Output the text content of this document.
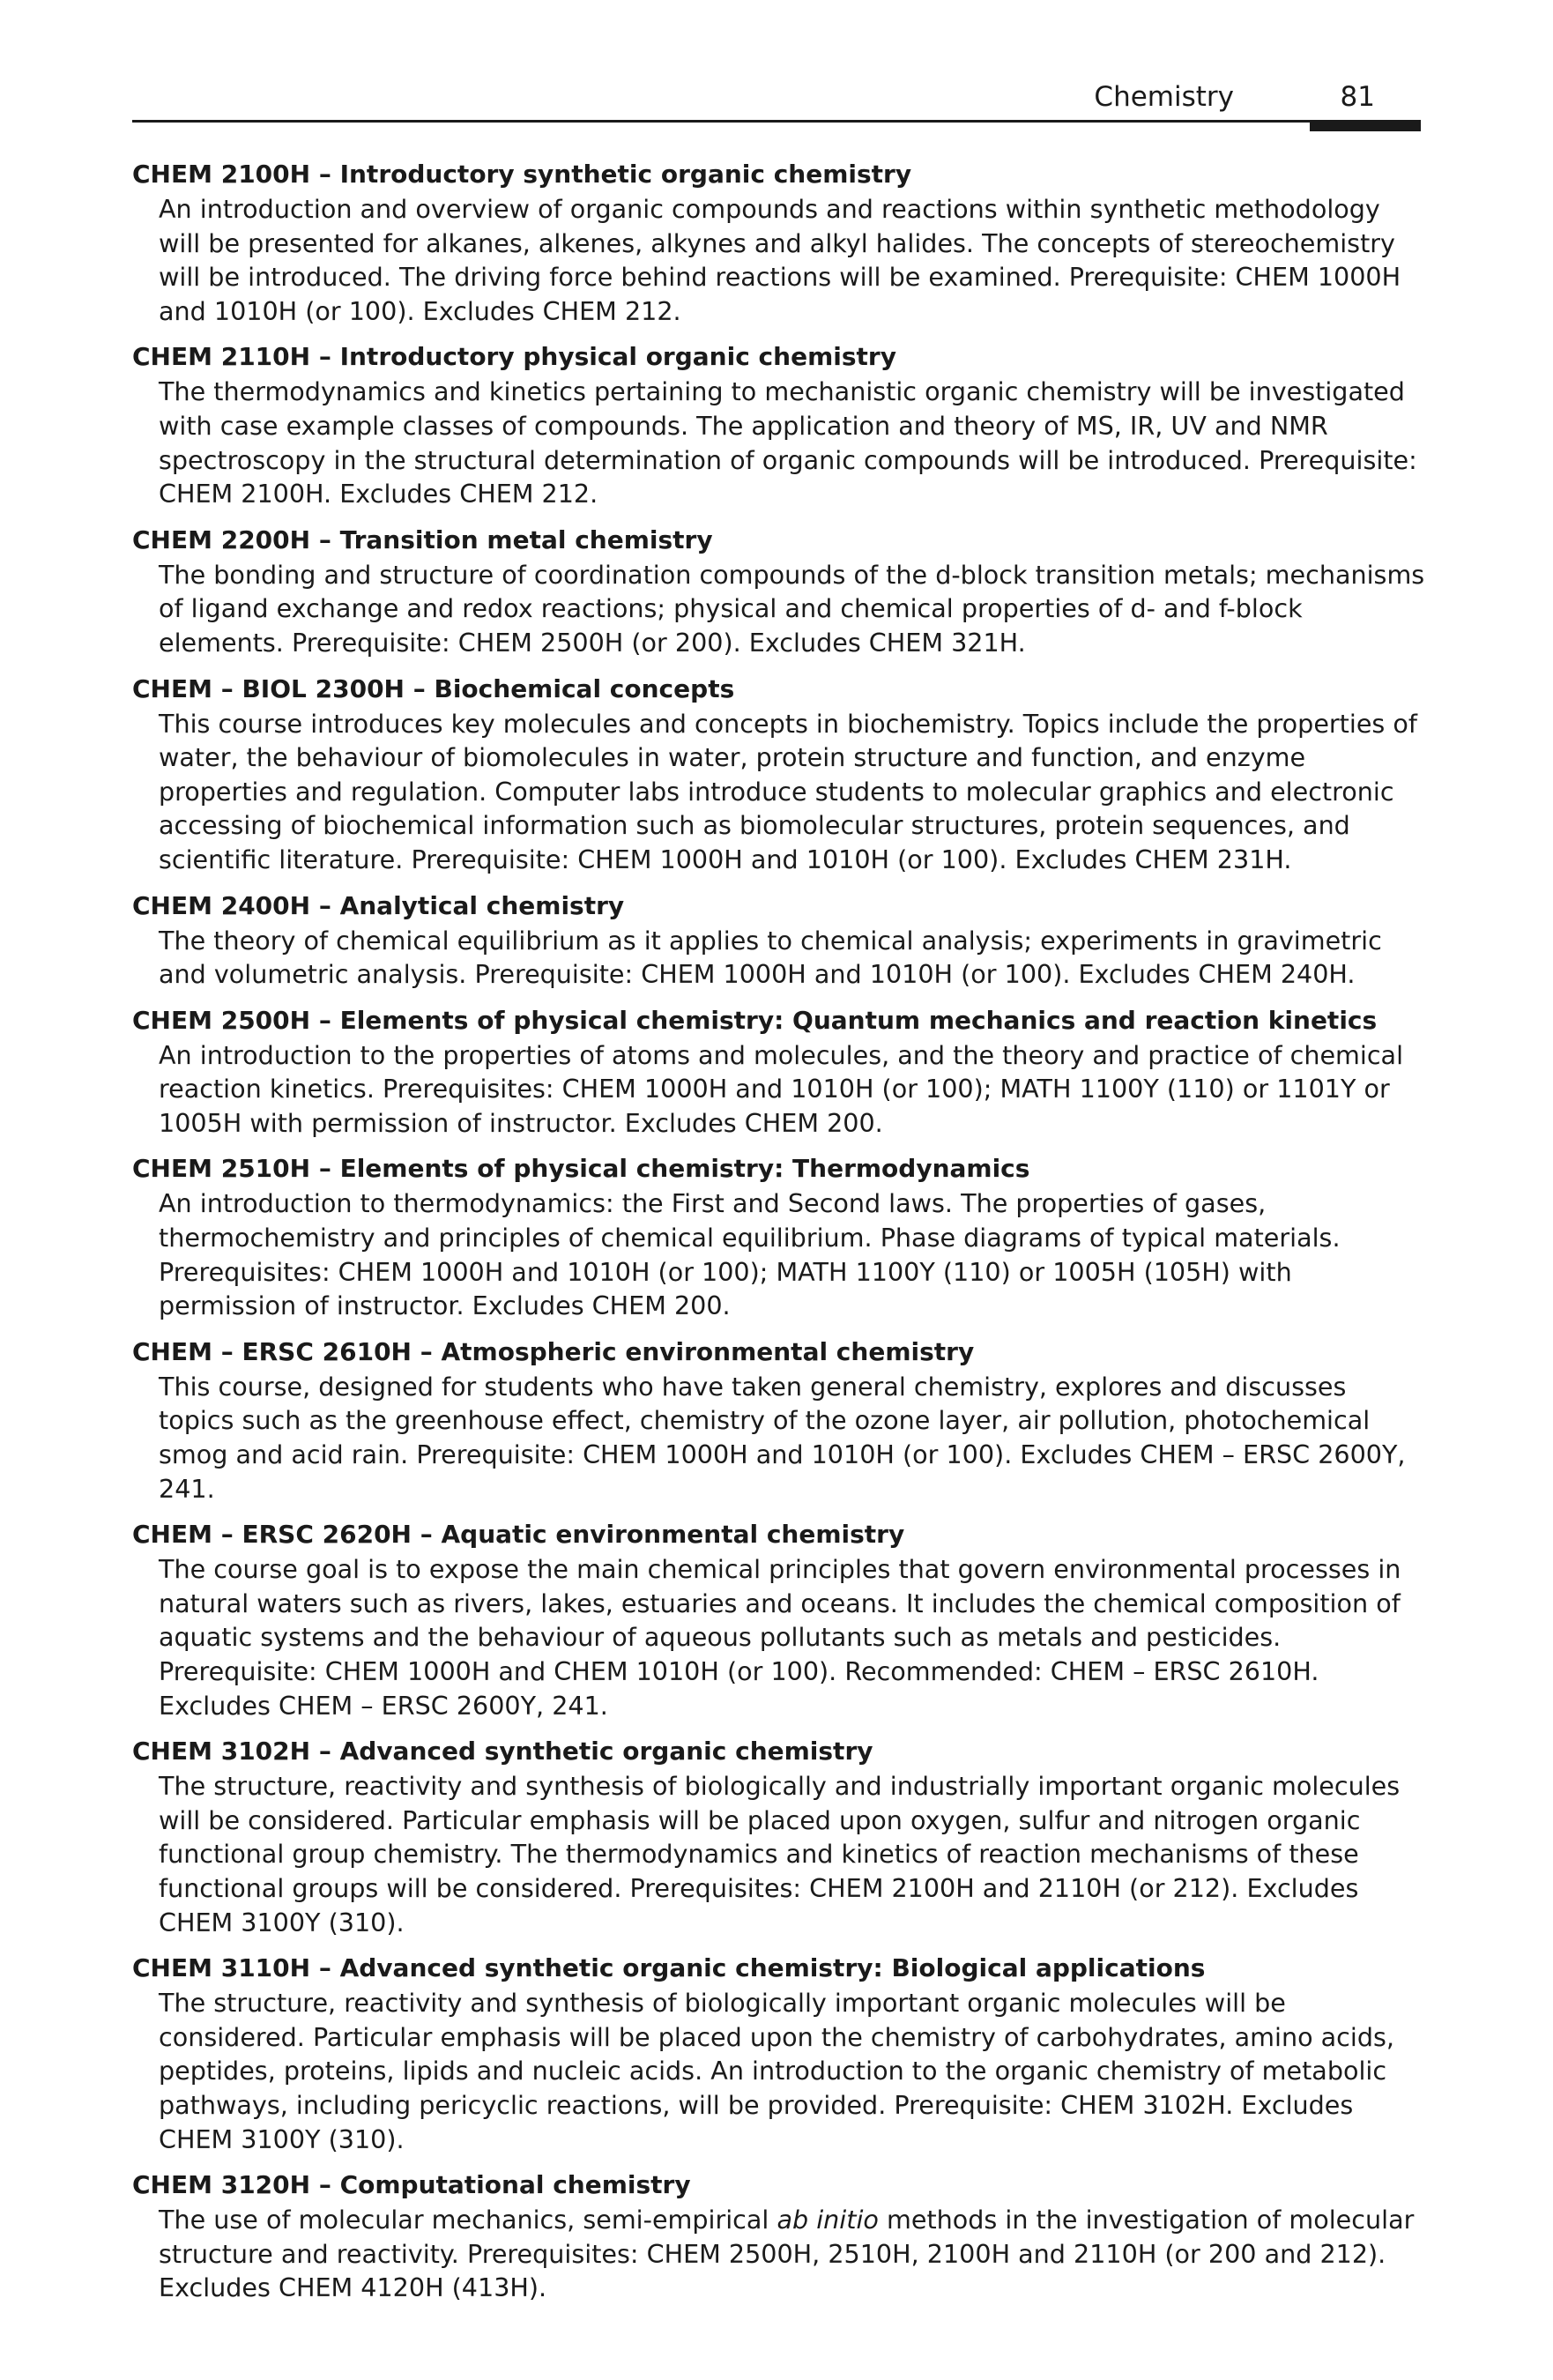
Chemistry	81
CHEM 2100H – Introductory synthetic organic chemistry
An introduction and overview of organic compounds and reactions within synthetic methodology will be presented for alkanes, alkenes, alkynes and alkyl halides. The concepts of stereochemistry will be introduced. The driving force behind reactions will be examined. Prerequisite: CHEM 1000H and 1010H (or 100). Excludes CHEM 212.
CHEM 2110H – Introductory physical organic chemistry
The thermodynamics and kinetics pertaining to mechanistic organic chemistry will be investigated with case example classes of compounds. The application and theory of MS, IR, UV and NMR spectroscopy in the structural determination of organic compounds will be introduced. Prerequisite: CHEM 2100H. Excludes CHEM 212.
CHEM 2200H – Transition metal chemistry
The bonding and structure of coordination compounds of the d-block transition metals; mechanisms of ligand exchange and redox reactions; physical and chemical properties of d- and f-block elements. Prerequisite: CHEM 2500H (or 200). Excludes CHEM 321H.
CHEM – BIOL 2300H – Biochemical concepts
This course introduces key molecules and concepts in biochemistry. Topics include the properties of water, the behaviour of biomolecules in water, protein structure and function, and enzyme properties and regulation. Computer labs introduce students to molecular graphics and electronic accessing of biochemical information such as biomolecular structures, protein sequences, and scientific literature. Prerequisite: CHEM 1000H and 1010H (or 100). Excludes CHEM 231H.
CHEM 2400H – Analytical chemistry
The theory of chemical equilibrium as it applies to chemical analysis; experiments in gravimetric and volumetric analysis. Prerequisite: CHEM 1000H and 1010H (or 100). Excludes CHEM 240H.
CHEM 2500H – Elements of physical chemistry: Quantum mechanics and reaction kinetics
An introduction to the properties of atoms and molecules, and the theory and practice of chemical reaction kinetics. Prerequisites: CHEM 1000H and 1010H (or 100); MATH 1100Y (110) or 1101Y or 1005H with permission of instructor. Excludes CHEM 200.
CHEM 2510H – Elements of physical chemistry: Thermodynamics
An introduction to thermodynamics: the First and Second laws. The properties of gases, thermochemistry and principles of chemical equilibrium. Phase diagrams of typical materials. Prerequisites: CHEM 1000H and 1010H (or 100); MATH 1100Y (110) or 1005H (105H) with permission of instructor. Excludes CHEM 200.
CHEM – ERSC 2610H – Atmospheric environmental chemistry
This course, designed for students who have taken general chemistry, explores and discusses topics such as the greenhouse effect, chemistry of the ozone layer, air pollution, photochemical smog and acid rain. Prerequisite: CHEM 1000H and 1010H (or 100). Excludes CHEM – ERSC 2600Y, 241.
CHEM – ERSC 2620H – Aquatic environmental chemistry
The course goal is to expose the main chemical principles that govern environmental processes in natural waters such as rivers, lakes, estuaries and oceans. It includes the chemical composition of aquatic systems and the behaviour of aqueous pollutants such as metals and pesticides. Prerequisite: CHEM 1000H and CHEM 1010H (or 100). Recommended: CHEM – ERSC 2610H. Excludes CHEM – ERSC 2600Y, 241.
CHEM 3102H – Advanced synthetic organic chemistry
The structure, reactivity and synthesis of biologically and industrially important organic molecules will be considered. Particular emphasis will be placed upon oxygen, sulfur and nitrogen organic functional group chemistry. The thermodynamics and kinetics of reaction mechanisms of these functional groups will be considered. Prerequisites: CHEM 2100H and 2110H (or 212). Excludes CHEM 3100Y (310).
CHEM 3110H – Advanced synthetic organic chemistry: Biological applications
The structure, reactivity and synthesis of biologically important organic molecules will be considered. Particular emphasis will be placed upon the chemistry of carbohydrates, amino acids, peptides, proteins, lipids and nucleic acids. An introduction to the organic chemistry of metabolic pathways, including pericyclic reactions, will be provided. Prerequisite: CHEM 3102H. Excludes CHEM 3100Y (310).
CHEM 3120H – Computational chemistry
The use of molecular mechanics, semi-empirical ab initio methods in the investigation of molecular structure and reactivity. Prerequisites: CHEM 2500H, 2510H, 2100H and 2110H (or 200 and 212). Excludes CHEM 4120H (413H).
